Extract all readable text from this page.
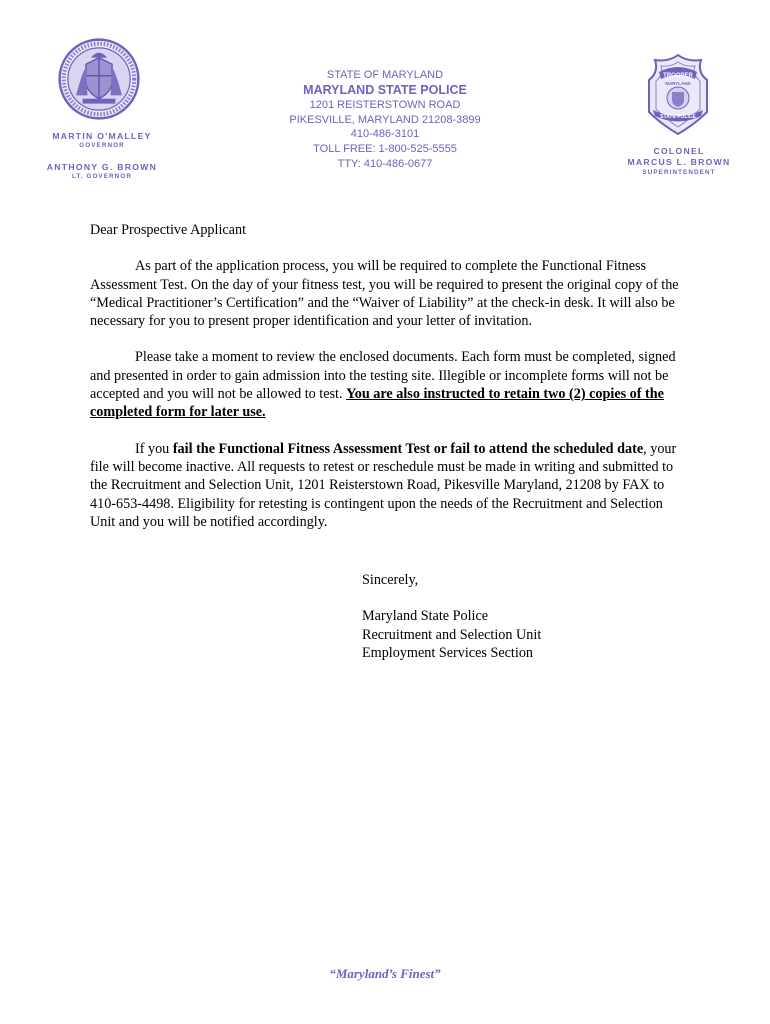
TROOPER
MARYLAND
STATE POLICE
MARTIN O'MALLEY
GOVERNOR
ANTHONY G. BROWN
LT. GOVERNOR
COLONEL
MARCUS L. BROWN
SUPERINTENDENT
STATE OF MARYLAND
MARYLAND STATE POLICE
1201 REISTERSTOWN ROAD
PIKESVILLE, MARYLAND 21208-3899
410-486-3101
TOLL FREE: 1-800-525-5555
TTY: 410-486-0677

Dear Prospective Applicant

As part of the application process, you will be required to complete the Functional Fitness Assessment Test. On the day of your fitness test, you will be required to present the original copy of the “Medical Practitioner’s Certification” and the “Waiver of Liability” at the check-in desk. It will also be necessary for you to present proper identification and your letter of invitation.

Please take a moment to review the enclosed documents. Each form must be completed, signed and presented in order to gain admission into the testing site. Illegible or incomplete forms will not be accepted and you will not be allowed to test. You are also instructed to retain two (2) copies of the completed form for later use.

If you fail the Functional Fitness Assessment Test or fail to attend the scheduled date, your file will become inactive. All requests to retest or reschedule must be made in writing and submitted to the Recruitment and Selection Unit, 1201 Reisterstown Road, Pikesville Maryland, 21208 by FAX to 410-653-4498. Eligibility for retesting is contingent upon the needs of the Recruitment and Selection Unit and you will be notified accordingly.

Sincerely,
Maryland State Police
Recruitment and Selection Unit
Employment Services Section
“Maryland’s Finest”
